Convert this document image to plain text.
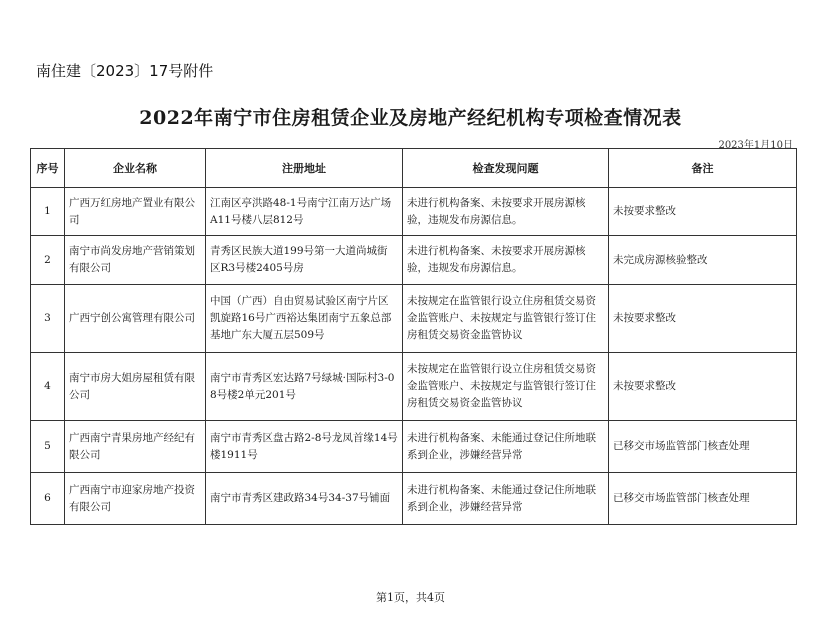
南住建〔2023〕17号附件
2022年南宁市住房租赁企业及房地产经纪机构专项检查情况表
2023年1月10日
序号	企业名称	注册地址	检查发现问题	备注
1	广西万红房地产置业有限公司	江南区亭洪路48-1号南宁江南万达广场A11号楼八层812号	未进行机构备案、未按要求开展房源核验，违规发布房源信息。	未按要求整改
2	南宁市尚发房地产营销策划有限公司	青秀区民族大道199号第一大道尚城街区R3号楼2405号房	未进行机构备案、未按要求开展房源核验，违规发布房源信息。	未完成房源核验整改
3	广西宁创公寓管理有限公司	中国（广西）自由贸易试验区南宁片区凯旋路16号广西裕达集团南宁五象总部基地广东大厦五层509号	未按规定在监管银行设立住房租赁交易资金监管账户、未按规定与监管银行签订住房租赁交易资金监管协议	未按要求整改
4	南宁市房大姐房屋租赁有限公司	南宁市青秀区宏达路7号绿城·国际村3-08号楼2单元201号	未按规定在监管银行设立住房租赁交易资金监管账户、未按规定与监管银行签订住房租赁交易资金监管协议	未按要求整改
5	广西南宁青果房地产经纪有限公司	南宁市青秀区盘古路2-8号龙凤首缘14号楼1911号	未进行机构备案、未能通过登记住所地联系到企业，涉嫌经营异常	已移交市场监管部门核查处理
6	广西南宁市迎家房地产投资有限公司	南宁市青秀区建政路34号34-37号铺面	未进行机构备案、未能通过登记住所地联系到企业，涉嫌经营异常	已移交市场监管部门核查处理
第1页，共4页
